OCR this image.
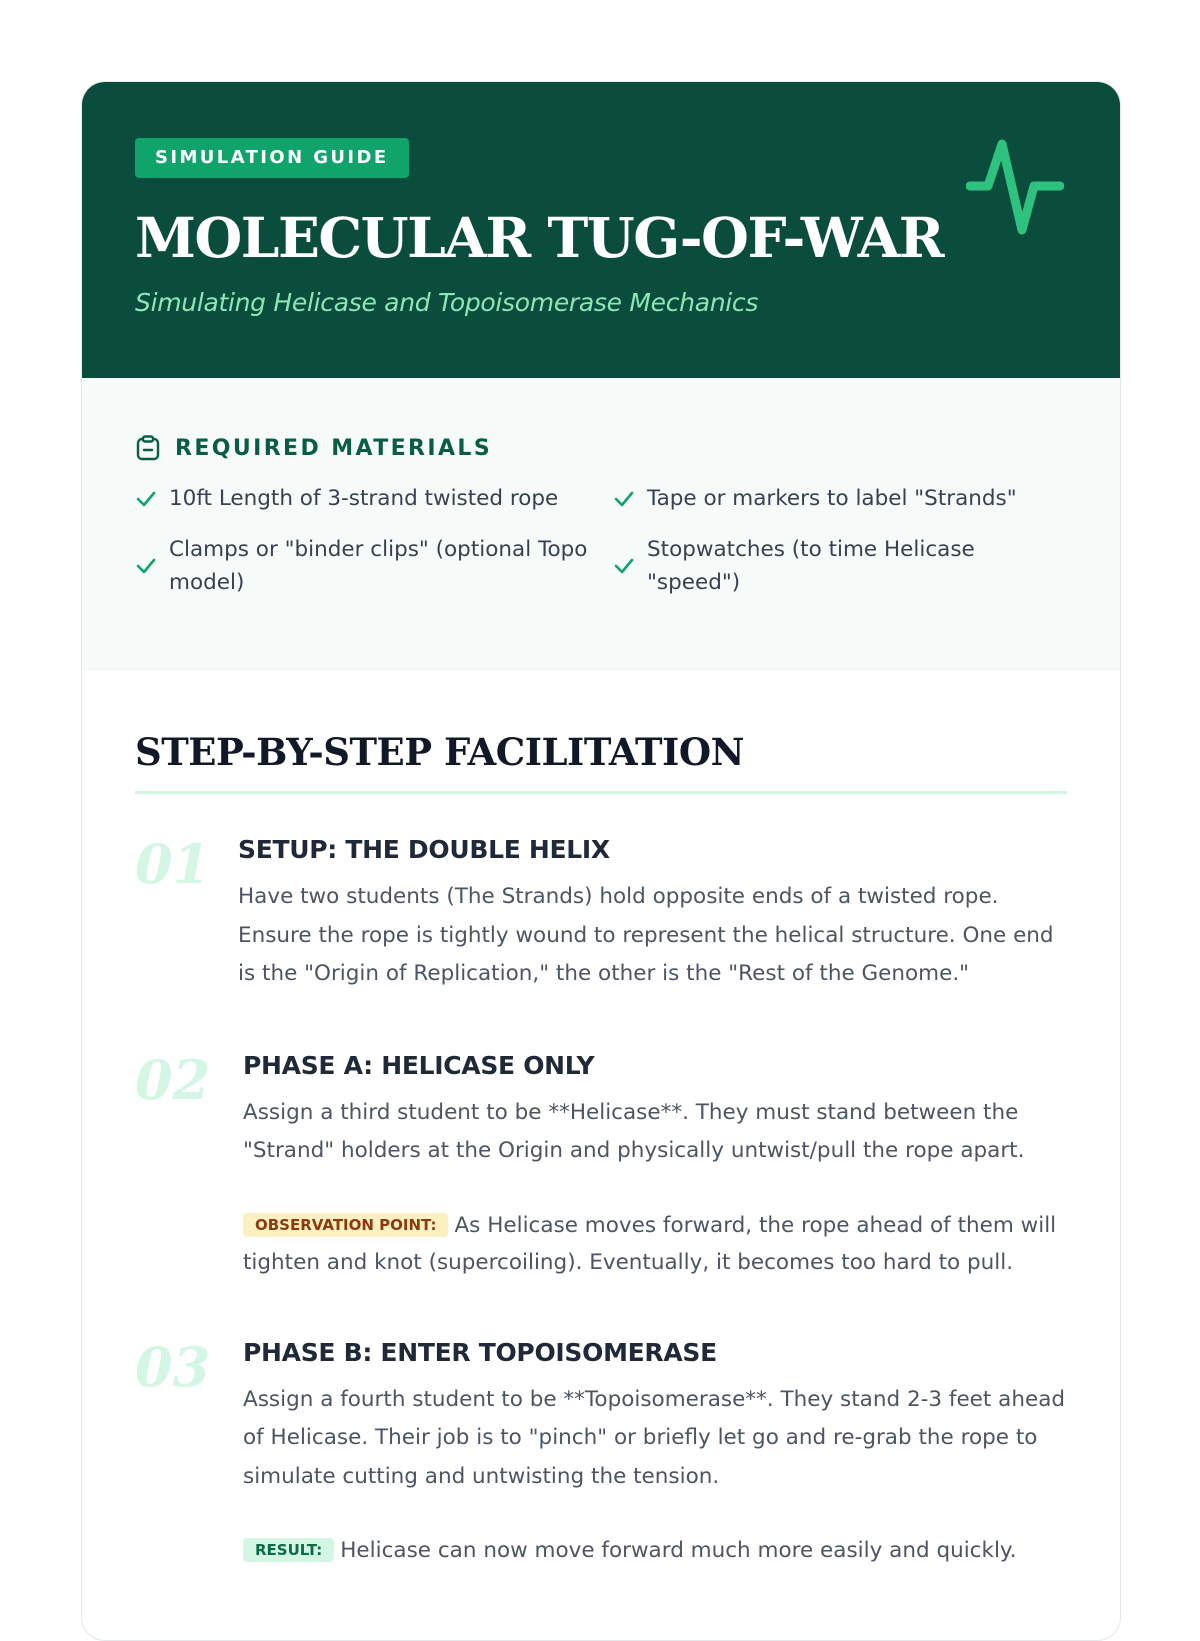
SIMULATION GUIDE
MOLECULAR TUG-OF-WAR
Simulating Helicase and Topoisomerase Mechanics
REQUIRED MATERIALS
10ft Length of 3-strand twisted rope	Tape or markers to label "Strands"
Clamps or "binder clips" (optional Topo model)
Stopwatches (to time Helicase "speed")
STEP-BY-STEP FACILITATION
01	SETUP: THE DOUBLE HELIX
Have two students (The Strands) hold opposite ends of a twisted rope. Ensure the rope is tightly wound to represent the helical structure. One end is the "Origin of Replication," the other is the "Rest of the Genome."
02	PHASE A: HELICASE ONLY
Assign a third student to be **Helicase**. They must stand between the "Strand" holders at the Origin and physically untwist/pull the rope apart.
OBSERVATION POINT: As Helicase moves forward, the rope ahead of them will tighten and knot (supercoiling). Eventually, it becomes too hard to pull.
03	PHASE B: ENTER TOPOISOMERASE
Assign a fourth student to be **Topoisomerase**. They stand 2-3 feet ahead of Helicase. Their job is to "pinch" or briefly let go and re-grab the rope to simulate cutting and untwisting the tension.
RESULT: Helicase can now move forward much more easily and quickly.
